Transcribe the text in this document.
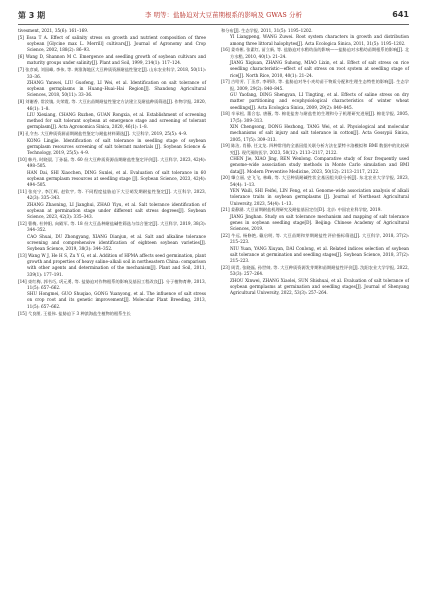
第 3 期	李 明等：盐胁迫对大豆苗期根系的影响及 GWAS 分析	641

tivesment, 2021, 35(6): 161–169.

[5] Essa T A. Effect of salinity stress on growth and nutrient composition of three soybean [Glycine max L. Merrill] cultivars[J]. Journal of Agronomy and Crop Science, 2002, 188(2): 86–93.

[6] Wang D, Shannon M C. Emergence and seedling growth of soybean cultivars and maturity groups under salinity[J]. Plant and Soil, 1999, 214(1): 117–124.

[7] 张彦威, 刘国峰, 李伟, 等. 黄淮海地区大豆种质资源耐盐性鉴定[J]. 山东农业科学, 2018, 50(11): 33–36.
ZHANG Yanwei, LIU Guofeng, LI Wei, et al. Identification on salt tolerance of soybean germplasms in Huang–Huai–Hai Region[J]. Shandong Agricultural Sciences, 2018, 50(11): 33–36.

[8] 刘谢香, 常汝镇, 关荣霞, 等. 大豆出苗期耐盐性鉴定方法建立及耐盐种质筛选[J]. 作物学报, 2020, 46(1): 1–8.
LIU Xiexiang, CHANG Ruzhen, GUAN Rongxia, et al. Establishment of screening method for salt tolerant soybean at emergence stage and screening of tolerant germplasm[J]. Acta Agronomica Sinica, 2020, 46(1): 1–8.

[9] 孔令杰. 大豆种质资源苗期耐盐性鉴定与耐盐材料筛选[J]. 大豆科学, 2019, 25(5): 4–9.
KONG Lingjie. Identification of salt tolerance in seedling stage of soybean germplasm resources screening of salt tolerant materials [J]. Soybean Science & Technology, 2019, 25(5): 4–9.

[10] 韩丹, 时晓晨, 丁孙磊, 等. 60 份大豆种质资源苗期耐盐性鉴定评价[J]. 大豆科学, 2023, 42(4): 498–505.
HAN Dai, SHI Xiaochen, DING Sunlei, et al. Evaluation of salt tolerance in 60 soybean germplasm resources at seedling stage [J]. Soybean Science, 2023, 42(4): 494–505.

[11] 张亮宁, 李江辉, 赵钦宇, 等. 不同程度盐胁迫下大豆萌发期耐盐性鉴定[J]. 大豆科学, 2023, 42(3): 335–343.
ZHANG Zhaoning, LI Jianghui, ZHAO Yiyu, et al. Salt tolerance identification of soybean at germination stage under different salt stress degrees[J]. Soybean Science, 2023, 42(3): 335–343.

[12] 曹梅, 杜钟阳, 向殿军, 等. 18 份大豆品种耐盐碱性筛选与综合鉴定[J]. 大豆科学, 2019, 38(3): 344–352.
CAO Shuai, DU Zhongyang, XIANG Dianjun, et al. Salt and alkaline tolerance screening and comprehensive identification of eighteen soybean varieties[J]. Soybean Science, 2019, 38(3): 344–352.

[13] Wang W J, He H S, Zu Y G, et al. Addition of HPMA affects seed germination, plant growth and properties of heavy saline–alkali soil in northeastern China: comparison with other agents and determination of the mechanism[J]. Plant and Soil, 2011, 339(1): 177–191.

[14] 束红梅, 郭书巧, 巩元勇, 等. 盐胁迫对作物根系的影响及基因工程改良[J]. 分子植物育种, 2013, 11(5): 657–662.
SHU Hongmei, GUO Shuqiao, GONG Yuanyong, et al. The influence of salt stress on crop root and its genetic improvement[J]. Molecular Plant Breeding, 2013, 11(5): 657–662.

[15] 弋良朋, 王祖伟. 盐胁迫下 3 种滨海盐生植物的根系生长

和分布[J]. 生态学报, 2011, 31(5): 1195–1202.
YI Liangpeng, WANG Zuwei. Root system characters in growth and distribution among three littoral halophytes[J]. Acta Ecologica Sinica, 2011, 31(5): 1195–1202.

[16] 姜奇彬, 张素红, 苗立新, 等. 盐胁迫对水稻幼苗的影响——盐胁迫对水稻幼苗期根系的影响[J]. 北方水稻, 2010, 40(1): 21–24.
JIANG Xiqiuan, ZHANG Suhong, MIAO Lixin, et al. Effect of salt stress on rice seedling characteristic—effect of salt stress on root system at seedling stage of rice[J]. North Rice, 2010, 40(1): 21–24.

[17] 古哈芳, 丁圣彦, 李明珍, 等. 盐胁迫对冬小麦幼苗干物质分配和生理生态特性的影响[J]. 生态学报, 2009, 29(2): 840–845.
GU Yaofang, DING Shengyan, LI Tingting, et al. Effects of saline stress on dry matter partitioning and ecophysiological characteristics of winter wheat seedlings[J]. Acta Ecologica Sinica, 2009, 29(2): 840–845.

[18] 辛承松, 董合忠, 唐薇, 等. 棉花盐害与耐盐性的生理和分子机理研究进展[J]. 棉花学报, 2005, 17(5): 309–313.
XIN Chengsong, DONG Hezhong, TANG Wei, et al. Physiological and molecular mechanisms of salt injury and salt tolerance in cotton[J]. Acta Gossypii Sinica, 2005, 17(5): 309–313.

[19] 陈洁, 肖静, 任文龙. 四种常用的全基因组关联分析方法在蒙特卡洛模拟和 BMI 数据中的比较研究[J]. 现代预防医学, 2023, 50(12): 2113–2117, 2122.
CHEN Jie, XIAO Jing, REN Wenlong. Comparative study of four frequently used genome–wide association study methods in Monte Carlo simulation and BMI data[J]. Modern Preventive Medicine, 2023, 50(12): 2113–2117, 2122.

[20] 肇立丽, 史飞飞, 林峰, 等. 大豆种质耐碱性状全基因组关联分析[J]. 东北农业大学学报, 2023, 54(4): 1–13.
YEN Waili, SHI Feifei, LIN Feng, et al. Genome–wide association analysis of alkali tolerance traits in soybean germplasms [J]. Journal of Northeast Agricultural University, 2023, 54(4): 1–13.

[21] 姜静涵. 大豆苗期耐盐机理研究及耐盐基因定位[D]. 北京: 中国农业科学院, 2019.
JIANG Jinghan. Study on salt tolerance mechanism and mapping of salt tolerance genes in soybean seedling stage[D]. Beijing: Chinese Academy of Agricultural Sciences, 2019.

[22] 牛远, 杨修艳, 戴启明, 等. 大豆苗期和芽期耐盐性评价指标筛选[J]. 大豆科学, 2018, 37(2): 215–223.
NIU Yuan, YANG Xiuyan, DAI Conlong, et al. Related indices selection of soybean salt tolerance at germination and seedling stages[J]. Soybean Science, 2018, 37(2): 215–223.

[23] 周青, 张晓磊, 孙世帅, 等. 大豆种质资源发芽期和苗期耐盐性评价[J]. 沈阳农业大学学报, 2022, 53(3): 257–264.
ZHOU Xinwei, ZHANG Xiaolei, SUN Shishuai, et al. Evaluation of salt tolerance of soybean germplasms at germination and seedling stages[J]. Journal of Shenyang Agricultural University, 2022, 53(3): 257–264.
